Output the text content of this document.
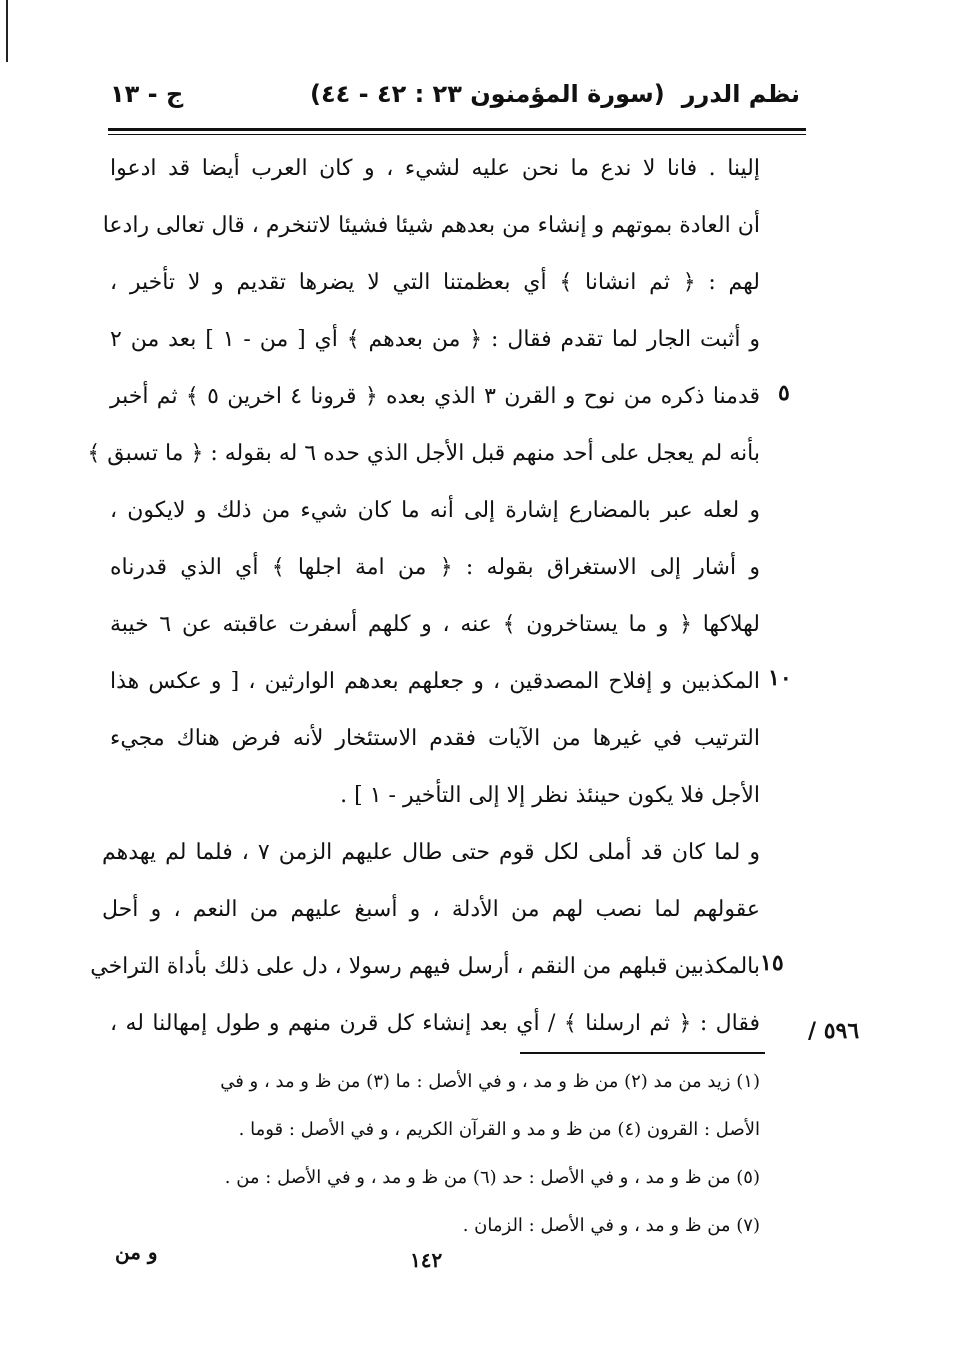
نظم الدرر
(سورة المؤمنون ٢٣ : ٤٢ - ٤٤)
ج - ١٣
إلينا . فانا لا ندع ما نحن عليه لشيء ، و كان العرب أيضا قد ادعوا
أن العادة بموتهم و إنشاء من بعدهم شيئا فشيئا لاتنخرم ، قال تعالى رادعا
لهم : ﴿ ثم انشانا ﴾ أي بعظمتنا التي لا يضرها تقديم و لا تأخير ،
و أثبت الجار لما تقدم فقال : ﴿ من بعدهم ﴾ أي [ من - ١ ] بعد من ٢
قدمنا ذكره من نوح و القرن ٣ الذي بعده ﴿ قرونا ٤ اخرين ٥ ﴾ ثم أخبر
بأنه لم يعجل على أحد منهم قبل الأجل الذي حده ٦ له بقوله : ﴿ ما تسبق ﴾
و لعله عبر بالمضارع إشارة إلى أنه ما كان شيء من ذلك و لايكون ،
و أشار إلى الاستغراق بقوله : ﴿ من امة اجلها ﴾ أي الذي قدرناه
لهلاكها ﴿ و ما يستاخرون ﴾ عنه ، و كلهم أسفرت عاقبته عن ٦ خيبة
المكذبين و إفلاح المصدقين ، و جعلهم بعدهم الوارثين ، [ و عكس هذا
الترتيب في غيرها من الآيات فقدم الاستئخار لأنه فرض هناك مجيء
الأجل فلا يكون حينئذ نظر إلا إلى التأخير - ١ ] .
و لما كان قد أملى لكل قوم حتى طال عليهم الزمن ٧ ، فلما لم يهدهم
عقولهم لما نصب لهم من الأدلة ، و أسبغ عليهم من النعم ، و أحل
بالمكذبين قبلهم من النقم ، أرسل فيهم رسولا ، دل على ذلك بأداة التراخي
فقال : ﴿ ثم ارسلنا ﴾ / أي بعد إنشاء كل قرن منهم و طول إمهالنا له ،
٥
١٠
١٥
٥٩٦ /
(١) زيد من مد (٢) من ظ و مد ، و في الأصل : ما (٣) من ظ و مد ، و في
الأصل : القرون (٤) من ظ و مد و القرآن الكريم ، و في الأصل : قوما .
(٥) من ظ و مد ، و في الأصل : حد (٦) من ظ و مد ، و في الأصل : من .
(٧) من ظ و مد ، و في الأصل : الزمان .
و من	١٤٢
